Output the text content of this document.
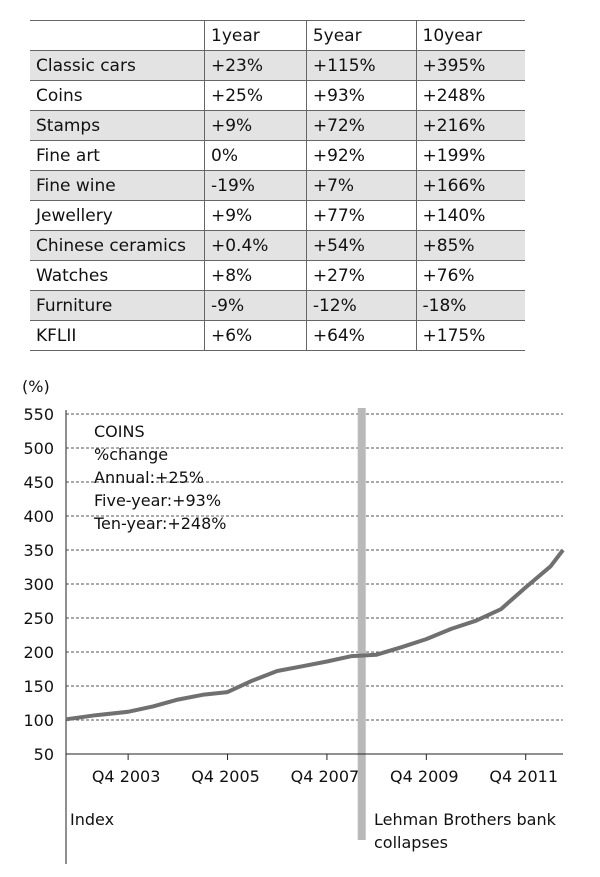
	1year	5year	10year
Classic cars	+23%	+115%	+395%
Coins	+25%	+93%	+248%
Stamps	+9%	+72%	+216%
Fine art	0%	+92%	+199%
Fine wine	-19%	+7%	+166%
Jewellery	+9%	+77%	+140%
Chinese ceramics	+0.4%	+54%	+85%
Watches	+8%	+27%	+76%
Furniture	-9%	-12%	-18%
KFLII	+6%	+64%	+175%
550
500
450
400
350
300
250
200
150
100
50
Q4 2003 Q4 2005 Q4 2007 Q4 2009 Q4 2011
(%)
COINS
%change
Annual:+25%
Five-year:+93%
Ten-year:+248%
Index	Lehman Brothers bank
collapses
